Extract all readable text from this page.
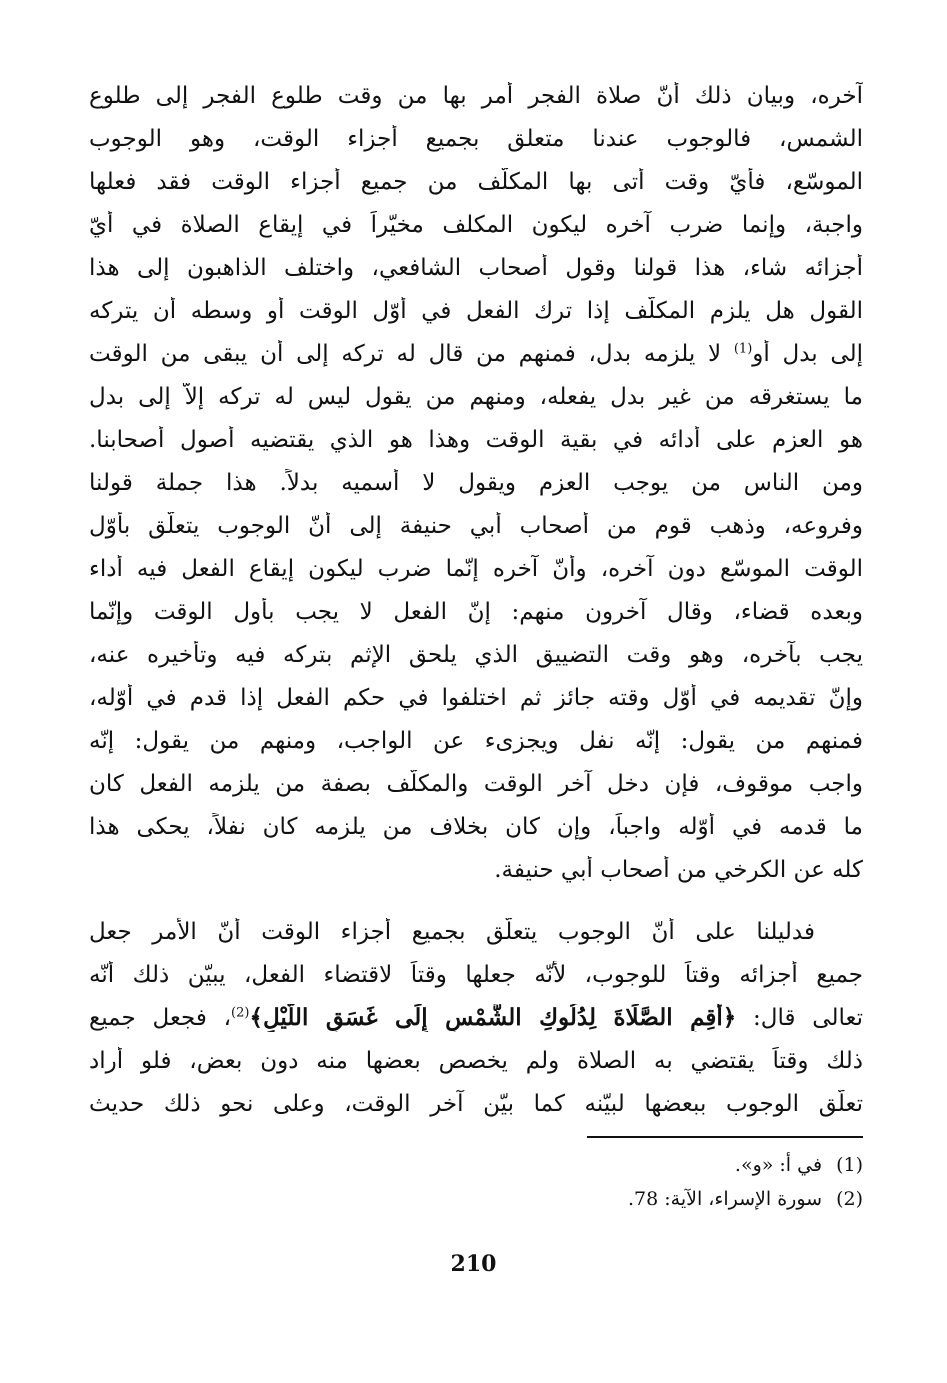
آخره، وبيان ذلك أنّ صلاة الفجر أمر بها من وقت طلوع الفجر إلى طلوع
الشمس، فالوجوب عندنا متعلق بجميع أجزاء الوقت، وهو الوجوب
الموسّع، فأيّ وقت أتى بها المكلّف من جميع أجزاء الوقت فقد فعلها
واجبة، وإنما ضرب آخره ليكون المكلف مخيّراً في إيقاع الصلاة في أيّ
أجزائه شاء، هذا قولنا وقول أصحاب الشافعي، واختلف الذاهبون إلى هذا
القول هل يلزم المكلّف إذا ترك الفعل في أوّل الوقت أو وسطه أن يتركه
إلى بدل أو$^{(1)}$ لا يلزمه بدل، فمنهم من قال له تركه إلى أن يبقى من الوقت
ما يستغرقه من غير بدل يفعله، ومنهم من يقول ليس له تركه إلاّ إلى بدل
هو العزم على أدائه في بقية الوقت وهذا هو الذي يقتضيه أصول أصحابنا.
ومن الناس من يوجب العزم ويقول لا أسميه بدلاً. هذا جملة قولنا
وفروعه، وذهب قوم من أصحاب أبي حنيفة إلى أنّ الوجوب يتعلّق بأوّل
الوقت الموسّع دون آخره، وأنّ آخره إنّما ضرب ليكون إيقاع الفعل فيه أداء
وبعده قضاء، وقال آخرون منهم: إنّ الفعل لا يجب بأول الوقت وإنّما
يجب بآخره، وهو وقت التضييق الذي يلحق الإثم بتركه فيه وتأخيره عنه،
وإنّ تقديمه في أوّل وقته جائز ثم اختلفوا في حكم الفعل إذا قدم في أوّله،
فمنهم من يقول: إنّه نفل ويجزىء عن الواجب، ومنهم من يقول: إنّه
واجب موقوف، فإن دخل آخر الوقت والمكلّف بصفة من يلزمه الفعل كان
ما قدمه في أوّله واجباً، وإن كان بخلاف من يلزمه كان نفلاً، يحكى هذا
كله عن الكرخي من أصحاب أبي حنيفة.
فدليلنا على أنّ الوجوب يتعلّق بجميع أجزاء الوقت أنّ الأمر جعل
جميع أجزائه وقتاً للوجوب، لأنّه جعلها وقتاً لاقتضاء الفعل، يبيّن ذلك أنّه
تعالى قال: ﴿أَقِمِ الصَّلَاةَ لِدُلُوكِ الشَّمْسِ إِلَى غَسَقِ اللَّيْلِ﴾$^{(2)}$، فجعل جميع
ذلك وقتاً يقتضي به الصلاة ولم يخصص بعضها منه دون بعض، فلو أراد
تعلّق الوجوب ببعضها لبيّنه كما بيّن آخر الوقت، وعلى نحو ذلك حديث
(1)في أ: «و».
(2)سورة الإسراء، الآية: 78.
210
